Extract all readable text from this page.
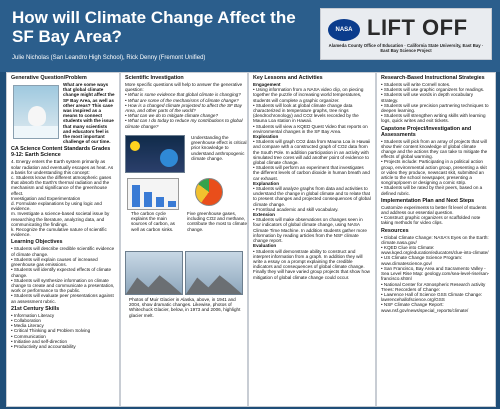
How will Climate Change Affect the SF Bay Area?
Julie Nicholas (San Leandro High School), Rick Denny (Fremont Unified)
NASA LIFT OFF
Alameda County Office of Education · California State University, East Bay · East Bay Science Project
Generative Question/Problem
What are some ways that global climate change might affect the SF Bay Area, as well as other areas? This case was inspired as a means to connect students with the issue that many scientists and educators feel is the most important challenge of our time.
CA Science Content Standards Grades 9-12: Earth Science
4. Energy enters the Earth system primarily as solar radiation and eventually escapes as heat. As a basis for understanding this concept:
c. Students know the different atmospheric gases that absorb the Earth's thermal radiation and the mechanism and significance of the greenhouse effect.
Investigation and Experimentation
d. Formulate explanations by using logic and evidence.
m. Investigate a science-based societal issue by researching the literature, analyzing data, and communicating the findings.
k. Recognize the cumulative nature of scientific evidence.
Learning Objectives
• Students will describe credible scientific evidence of climate change.
• Students will explain causes of increased greenhouse gas emissions.
• Students will identify expected effects of climate change.
• Students will synthesize information on climate change to create and communicate a presentation, work or performance to the public.
• Students will evaluate peer presentations against an assessment rubric.
21st Century Skills
• Information Literacy
• Collaboration
• Media Literacy
• Critical Thinking and Problem Solving
• Communication
• Initiative and self-direction
• Productivity and accountability
Scientific Investigation
More specific questions will help to answer the generative question:
• What is some evidence that global climate is changing?
• What are some of the mechanisms of climate change?
• How is a changed climate projected to affect the SF Bay Area, and other parts of the world?
• What can we do to mitigate climate change?
• What can I do today to reduce my contributions to global climate change?
Understanding the greenhouse effect is critical prior knowledge to understand anthropogenic climate change.
Five greenhouse gases, including CO2 and methane, contribute the most to climate change.
The carbon cycle explains the main sources of carbon, as well as carbon sinks.
Photos of Muir Glacier in Alaska, above, in 1941 and 2004, show dramatic changes. Likewise, photos of Whitechuck Glacier, below, in 1973 and 2006, highlight glacier melt.
Key Lessons and Activities
Engagement
• Using information from a NASA video clip, on piecing together the puzzle of increasing world temperatures, students will complete a graphic organizer.
• Students will look at global climate change data characterized in temperature graphs, tree rings (dendrochronology) and CO2 levels recorded by the Mauna Loa station in Hawaii.
• Students will view a KQED Quest Video that reports on environmental changes in the SF Bay Area.
Exploration
• Students will graph CO2 data from Mauna Loa in Hawaii and compare with a constructed graph of CO2 data from the South Pole. In addition participation in an activity with simulated tree cores will add another point of evidence to global climate change.
• Students will perform an experiment that investigates the different levels of carbon dioxide in human breath and car exhaust.
Explanation
• Students will analyze graphs from data and activities to understand the change in global climate and to relate that to present changes and projected consequences of global climate change.
• Frontload academic and skill vocabulary.
Extension
• Students will make observations on changes seen in four indicators of global climate change, using NASA Climate Time Machine. In addition students gather more information by reading articles from the NSF climate change report.
Evaluation
• Students will demonstrate ability to construct and interpret information from a graph. In addition they will write a essay on a prompt explaining the credible indicators and consequences of global climate change. Finally they will have varied group projects that show how mitigation of global climate change could occur.
Research-Based Instructional Strategies
• Students will write Cornell notes.
• Students will use graphic organizers for readings.
• Students will use words in depth vocabulary strategy.
• Students will use precision partnering techniques to deepen learning.
• Students will strengthen writing skills with learning logs, quick writes and exit tickets.
Capstone Project/Investigation and Assessments
• Students will pick from an array of projects that will show their content knowledge of global climate change and the actions they can take to mitigate the effects of global warming.
• Projects include: Participating in a political action group, environmental action group, presenting a skit or video they produce, newscast skit, submitted an article to the school newspaper, presenting a song/rap/poem or designing a comic strip.
• Students will be rated by their peers, based on a defined rubric.
Implementation Plan and Next Steps
Customize experiments to better fit level of students and address our essential question.
• Construct graphic organizers or scaffolded note taking methods for video clips.
Resources
• Global Climate Change: NASA's Eyes on the Earth: climate.nasa.gov/
• KQED Clue into Climate: www.kqed.org/education/educators/clue-into-climate/
• US Climate Change Science Program: www.climatescience.gov/
• San Francisco, Bay Area and Sacramento Valley - Sea Level Rise Map: geology.com/sea-level-rise/san-francisco.shtml
• National Center for Atmospheric Research activity Trees: Recorders of Change:
• Lawrence Hall of Science GSS Climate Change: lawrencehallofscience.org/GSS
• NSF Climate Change Report: www.nsf.gov/news/special_reports/climate/
